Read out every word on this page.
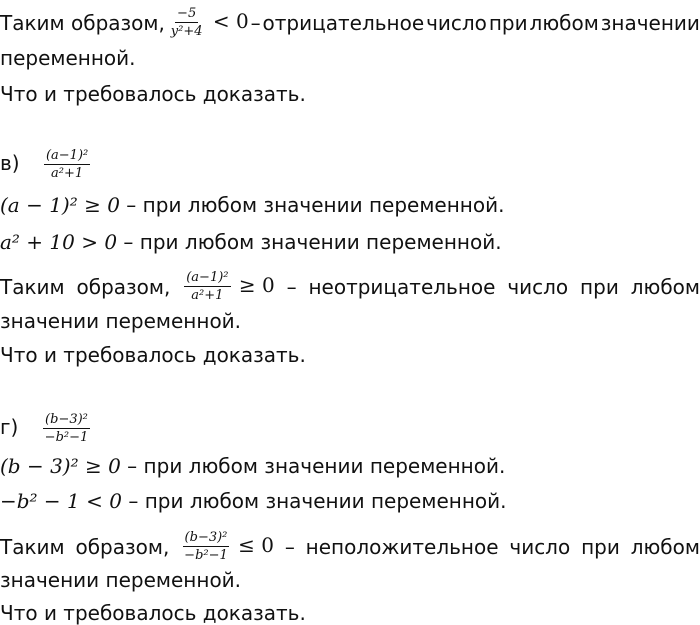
Таким образом, $\frac{-5}{\text{y²+4}} < 0$ – отрицательное число при любом значении
переменной.
Что и требовалось доказать.
$в) \frac{\text{(a−1)²}}{\text{a²+1}}$
(a − 1)² ≥ 0 – при любом значении переменной.
a² + 10 > 0 – при любом значении переменной.
Таким образом, $\frac{\text{(a−1)²}}{\text{a²+1}} \ge 0$ – неотрицательное число при любом
значении переменной.
Что и требовалось доказать.
$г) \frac{\text{(b−3)²}}{\text{−b²−1}}$
(b − 3)² ≥ 0 – при любом значении переменной.
−b² − 1 < 0 – при любом значении переменной.
Таким образом, $\frac{\text{(b−3)²}}{\text{−b²−1}} \le 0$ – неположительное число при любом
значении переменной.
Что и требовалось доказать.
